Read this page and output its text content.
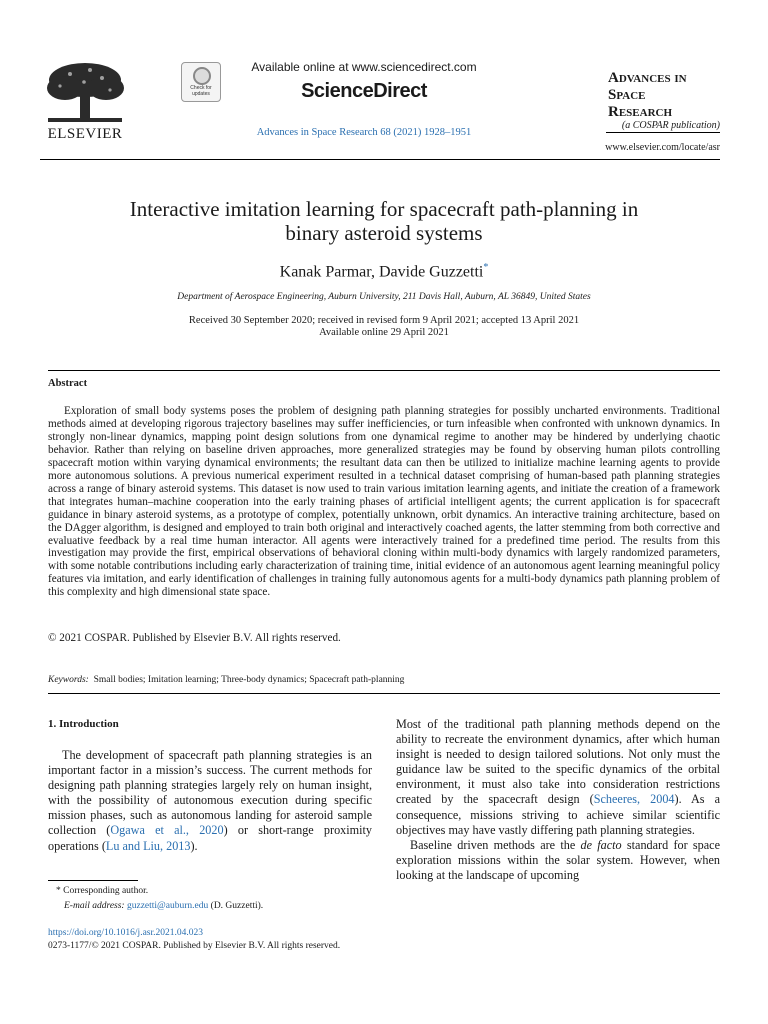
ELSEVIER
Check for updates
Available online at www.sciencedirect.com
ScienceDirect
Advances in Space Research 68 (2021) 1928–1951
Advances in
Space
Research
(a COSPAR publication)
www.elsevier.com/locate/asr
Interactive imitation learning for spacecraft path-planning in
binary asteroid systems
Kanak Parmar, Davide Guzzetti*
Department of Aerospace Engineering, Auburn University, 211 Davis Hall, Auburn, AL 36849, United States
Received 30 September 2020; received in revised form 9 April 2021; accepted 13 April 2021
Available online 29 April 2021
Abstract
Exploration of small body systems poses the problem of designing path planning strategies for possibly uncharted environments. Traditional methods aimed at developing rigorous trajectory baselines may suffer inefficiencies, or turn infeasible when confronted with unknown dynamics. In strongly non-linear dynamics, mapping point design solutions from one dynamical regime to another may be hindered by underlying chaotic behavior. Rather than relying on baseline driven approaches, more generalized strategies may be found by observing human pilots controlling spacecraft motion within varying dynamical environments; the resultant data can then be utilized to initialize machine learning agents to provide more autonomous solutions. A previous numerical experiment resulted in a technical dataset comprising of human-based path planning strategies across a range of binary asteroid systems. This dataset is now used to train various imitation learning agents, and initiate the creation of a framework that integrates human–machine cooperation into the early training phases of artificial intelligent agents; the current application is for spacecraft guidance in binary asteroid systems, as a prototype of complex, potentially unknown, orbit dynamics. An interactive training architecture, based on the DAgger algorithm, is designed and employed to train both original and interactively coached agents, the latter stemming from both corrective and evaluative feedback by a real time human interactor. All agents were interactively trained for a predefined time period. The results from this investigation may provide the first, empirical observations of behavioral cloning within multi-body dynamics with largely randomized parameters, with some notable contributions including early characterization of training time, initial evidence of an autonomous agent learning meaningful policy features via imitation, and early identification of challenges in training fully autonomous agents for a multi-body dynamics path planning problem of this complexity and high dimensional state space.
© 2021 COSPAR. Published by Elsevier B.V. All rights reserved.
Keywords: Small bodies; Imitation learning; Three-body dynamics; Spacecraft path-planning
1. Introduction
The development of spacecraft path planning strategies is an important factor in a mission’s success. The current methods for designing path planning strategies largely rely on human insight, with the possibility of autonomous execution during specific mission phases, such as autonomous landing for asteroid sample collection (Ogawa et al., 2020) or short-range proximity operations (Lu and Liu, 2013).

Most of the traditional path planning methods depend on the ability to recreate the environment dynamics, after which human insight is needed to design tailored solutions. Not only must the guidance law be suited to the specific dynamics of the orbital environment, it must also take into consideration restrictions created by the spacecraft design (Scheeres, 2004). As a consequence, missions striving to achieve similar scientific objectives may have vastly differing path planning strategies.

Baseline driven methods are the de facto standard for space exploration missions within the solar system. However, when looking at the landscape of upcoming

* Corresponding author.
E-mail address: guzzetti@auburn.edu (D. Guzzetti).
https://doi.org/10.1016/j.asr.2021.04.023
0273-1177/© 2021 COSPAR. Published by Elsevier B.V. All rights reserved.
